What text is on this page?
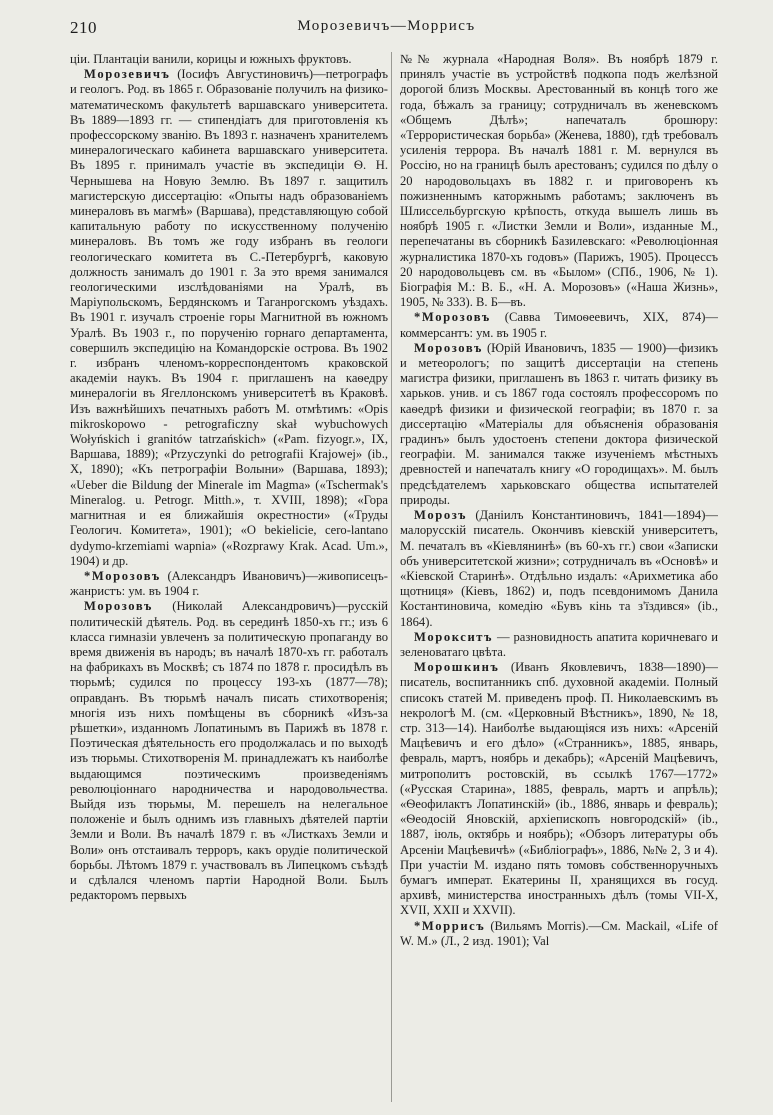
210	Морозевичъ—Моррисъ

ціи. Плантаціи ванили, корицы и южныхъ фруктовъ.

Морозевичъ (Іосифъ Августиновичъ)—петрографъ и геологъ. Род. въ 1865 г. Образованіе получилъ на физико-математическомъ факультетѣ варшавскаго университета. Въ 1889—1893 гг. — стипендіатъ для приготовленія къ профессорскому званію. Въ 1893 г. назначенъ хранителемъ минералогическаго кабинета варшавскаго университета. Въ 1895 г. принималъ участіе въ экспедиціи Ѳ. Н. Чернышева на Новую Землю. Въ 1897 г. защитилъ магистерскую диссертацію: «Опыты надъ образованіемъ минераловъ въ магмѣ» (Варшава), представляющую собой капитальную работу по искусственному полученію минераловъ. Въ томъ же году избранъ въ геологи геологическаго комитета въ С.-Петербургѣ, каковую должность занималъ до 1901 г. За это время занимался геологическими изслѣдованіями на Уралѣ, въ Маріупольскомъ, Бердянскомъ и Таганрогскомъ уѣздахъ. Въ 1901 г. изучалъ строеніе горы Магнитной въ южномъ Уралѣ. Въ 1903 г., по порученію горнаго департамента, совершилъ экспедицію на Командорскіе острова. Въ 1902 г. избранъ членомъ-корреспондентомъ краковской академіи наукъ. Въ 1904 г. приглашенъ на каѳедру минералогіи въ Ягеллонскомъ университетѣ въ Краковѣ. Изъ важнѣйшихъ печатныхъ работъ М. отмѣтимъ: «Opis mikroskopowo - petrograficzny skał wybuchowych Wołyńskich i granitów tatrzańskich» («Pam. fizyogr.», IX, Варшава, 1889); «Przyczynki do petrografii Krajowej» (ib., X, 1890); «Къ петрографіи Волыни» (Варшава, 1893); «Ueber die Bildung der Minerale im Magma» («Tschermak's Mineralog. u. Petrogr. Mitth.», т. XVIII, 1898); «Гора магнитная и ея ближайшія окрестности» («Труды Геологич. Комитета», 1901); «O bekielicie, cero-lantano dydymo-krzemiami wapnia» («Rozprawy Krak. Acad. Um.», 1904) и др.

*Морозовъ (Александръ Ивановичъ)—живописецъ-жанристъ: ум. въ 1904 г.

Морозовъ (Николай Александровичъ)—русскій политическій дѣятель. Род. въ серединѣ 1850-хъ гг.; изъ 6 класса гимназіи увлеченъ за политическую пропаганду во время движенія въ народъ; въ началѣ 1870-хъ гг. работалъ на фабрикахъ въ Москвѣ; съ 1874 по 1878 г. просидѣлъ въ тюрьмѣ; судился по процессу 193-хъ (1877—78); оправданъ. Въ тюрьмѣ началъ писать стихотворенія; многія изъ нихъ помѣщены въ сборникѣ «Изъ-за рѣшетки», изданномъ Лопатинымъ въ Парижѣ въ 1878 г. Поэтическая дѣятельность его продолжалась и по выходѣ изъ тюрьмы. Стихотворенія М. принадлежатъ къ наиболѣе выдающимся поэтическимъ произведеніямъ революціоннаго народничества и народовольчества. Выйдя изъ тюрьмы, М. перешелъ на нелегальное положеніе и былъ однимъ изъ главныхъ дѣятелей партіи Земли и Воли. Въ началѣ 1879 г. въ «Листкахъ Земли и Воли» онъ отстаивалъ терроръ, какъ орудіе политической борьбы. Лѣтомъ 1879 г. участвовалъ въ Липецкомъ съѣздѣ и сдѣлался членомъ партіи Народной Воли. Былъ редакторомъ первыхъ

№№ журнала «Народная Воля». Въ ноябрѣ 1879 г. принялъ участіе въ устройствѣ подкопа подъ желѣзной дорогой близъ Москвы. Арестованный въ концѣ того же года, бѣжалъ за границу; сотрудничалъ въ женевскомъ «Общемъ Дѣлѣ»; напечаталъ брошюру: «Террористическая борьба» (Женева, 1880), гдѣ требовалъ усиленія террора. Въ началѣ 1881 г. М. вернулся въ Россію, но на границѣ былъ арестованъ; судился по дѣлу о 20 народовольцахъ въ 1882 г. и приговоренъ къ пожизненнымъ каторжнымъ работамъ; заключенъ въ Шлиссельбургскую крѣпость, откуда вышелъ лишь въ ноябрѣ 1905 г. «Листки Земли и Воли», изданные М., перепечатаны въ сборникѣ Базилевскаго: «Революціонная журналистика 1870-хъ годовъ» (Парижъ, 1905). Процессъ 20 народовольцевъ см. въ «Былом» (СПб., 1906, № 1). Біографія М.: В. Б., «Н. А. Морозовъ» («Наша Жизнь», 1905, № 333). В. Б—въ.

*Морозовъ (Савва Тимоѳеевичъ, XIX, 874)—коммерсантъ: ум. въ 1905 г.

Морозовъ (Юрій Ивановичъ, 1835 — 1900)—физикъ и метеорологъ; по защитѣ диссертаціи на степень магистра физики, приглашенъ въ 1863 г. читать физику въ харьков. унив. и съ 1867 года состоялъ профессоромъ по каѳедрѣ физики и физической географіи; въ 1870 г. за диссертацію «Матеріалы для объясненія образованія градинъ» былъ удостоенъ степени доктора физической географіи. М. занимался также изученіемъ мѣстныхъ древностей и напечаталъ книгу «О городищахъ». М. былъ предсѣдателемъ харьковскаго общества испытателей природы.

Морозъ (Даніилъ Константиновичъ, 1841—1894)—малорусскій писатель. Окончивъ кіевскій университетъ, М. печаталъ въ «Кіевлянинѣ» (въ 60-хъ гг.) свои «Записки объ университетской жизни»; сотрудничалъ въ «Основѣ» и «Кіевской Старинѣ». Отдѣльно издалъ: «Арихметика або щотниця» (Кіевъ, 1862) и, подъ псевдонимомъ Данила Костантиновича, комедію «Бувъ кінь та з'їздився» (ib., 1864).

Морокситъ — разновидность апатита коричневаго и зеленоватаго цвѣта.

Морошкинъ (Иванъ Яковлевичъ, 1838—1890)—писатель, воспитанникъ спб. духовной академіи. Полный списокъ статей М. приведенъ проф. П. Николаевскимъ въ некрологѣ М. (см. «Церковный Вѣстникъ», 1890, № 18, стр. 313—14). Наиболѣе выдающіяся изъ нихъ: «Арсеній Мацѣевичъ и его дѣло» («Странникъ», 1885, январь, февраль, мартъ, ноябрь и декабрь); «Арсеній Мацѣевичъ, митрополитъ ростовскій, въ ссылкѣ 1767—1772» («Русская Старина», 1885, февраль, мартъ и апрѣль); «Ѳеофилактъ Лопатинскій» (ib., 1886, январь и февраль); «Ѳеодосій Яновскій, архіепископъ новгородскій» (ib., 1887, іюль, октябрь и ноябрь); «Обзоръ литературы объ Арсеніи Мацѣевичѣ» («Библіографъ», 1886, №№ 2, 3 и 4). При участіи М. издано пять томовъ собственноручныхъ бумагъ императ. Екатерины II, хранящихся въ госуд. архивѣ, министерства иностранныхъ дѣлъ (томы VII-X, XVII, XXII и XXVII).

*Моррисъ (Вильямъ Morris).—См. Mackail, «Life of W. M.» (Л., 2 изд. 1901); Val
